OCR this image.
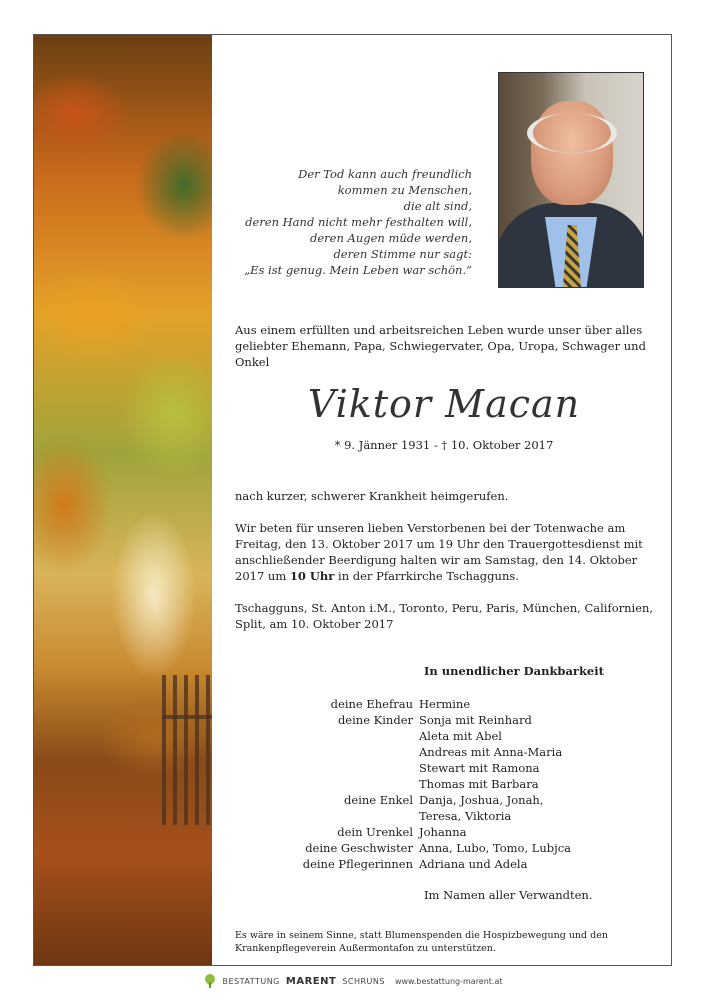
Der Tod kann auch freundlich
kommen zu Menschen,
die alt sind,
deren Hand nicht mehr festhalten will,
deren Augen müde werden,
deren Stimme nur sagt:
„Es ist genug. Mein Leben war schön.“
Aus einem erfüllten und arbeitsreichen Leben wurde unser über alles geliebter Ehemann, Papa, Schwiegervater, Opa, Uropa, Schwager und Onkel
Viktor Macan
* 9. Jänner 1931 - † 10. Oktober 2017
nach kurzer, schwerer Krankheit heimgerufen.
Wir beten für unseren lieben Verstorbenen bei der Totenwache am Freitag, den 13. Oktober 2017 um 19 Uhr den Trauergottesdienst mit anschließender Beerdigung halten wir am Samstag, den 14. Oktober 2017 um 10 Uhr in der Pfarrkirche Tschagguns.
Tschagguns, St. Anton i.M., Toronto, Peru, Paris, München, Californien, Split, am 10. Oktober 2017
In unendlicher Dankbarkeit
deine Ehefrau Hermine
deine Kinder Sonja mit Reinhard
Aleta mit Abel
Andreas mit Anna-Maria
Stewart mit Ramona
Thomas mit Barbara
deine Enkel Danja, Joshua, Jonah,
Teresa, Viktoria
dein Urenkel Johanna
deine Geschwister Anna, Lubo, Tomo, Lubjca
deine Pflegerinnen Adriana und Adela
Im Namen aller Verwandten.
Es wäre in seinem Sinne, statt Blumenspenden die Hospizbewegung und den Krankenpflegeverein Außermontafon zu unterstützen.
BESTATTUNG MARENT SCHRUNS www.bestattung-marent.at
